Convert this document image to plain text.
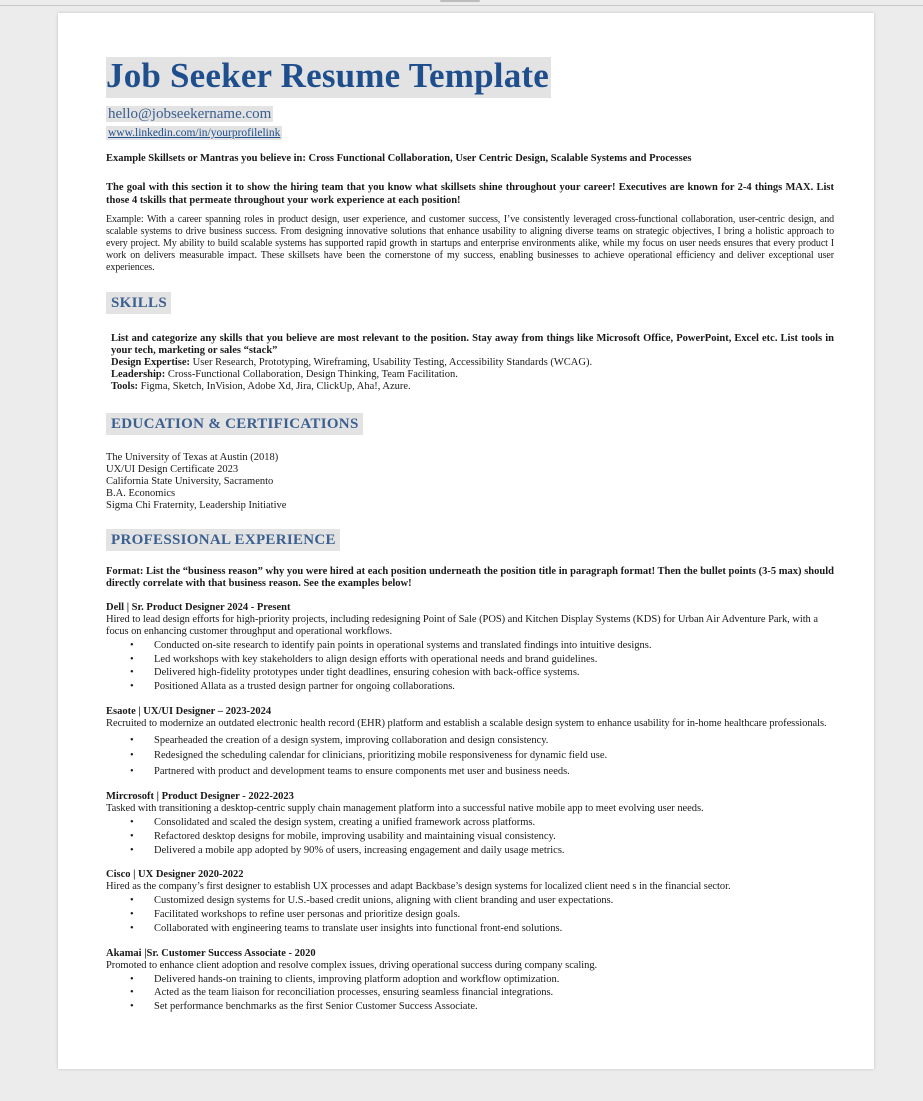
Job Seeker Resume Template
hello@jobseekername.com
www.linkedin.com/in/yourprofilelink
Example Skillsets or Mantras you believe in: Cross Functional Collaboration, User Centric Design, Scalable Systems and Processes
The goal with this section it to show the hiring team that you know what skillsets shine throughout your career! Executives are known for 2-4 things MAX. List those 4 tskills that permeate throughout your work experience at each position!
Example: With a career spanning roles in product design, user experience, and customer success, I’ve consistently leveraged cross-functional collaboration, user-centric design, and scalable systems to drive business success. From designing innovative solutions that enhance usability to aligning diverse teams on strategic objectives, I bring a holistic approach to every project. My ability to build scalable systems has supported rapid growth in startups and enterprise environments alike, while my focus on user needs ensures that every product I work on delivers measurable impact. These skillsets have been the cornerstone of my success, enabling businesses to achieve operational efficiency and deliver exceptional user experiences.
SKILLS
List and categorize any skills that you believe are most relevant to the position. Stay away from things like Microsoft Office, PowerPoint, Excel etc. List tools in your tech, marketing or sales “stack”
Design Expertise: User Research, Prototyping, Wireframing, Usability Testing, Accessibility Standards (WCAG).
Leadership: Cross-Functional Collaboration, Design Thinking, Team Facilitation.
Tools: Figma, Sketch, InVision, Adobe Xd, Jira, ClickUp, Aha!, Azure.
EDUCATION & CERTIFICATIONS
The University of Texas at Austin (2018)
UX/UI Design Certificate 2023
California State University, Sacramento
B.A. Economics
Sigma Chi Fraternity, Leadership Initiative
PROFESSIONAL EXPERIENCE
Format: List the “business reason” why you were hired at each position underneath the position title in paragraph format! Then the bullet points (3-5 max) should directly correlate with that business reason. See the examples below!
Dell | Sr. Product Designer 2024 - Present
Hired to lead design efforts for high-priority projects, including redesigning Point of Sale (POS) and Kitchen Display Systems (KDS) for Urban Air Adventure Park, with a focus on enhancing customer throughput and operational workflows.
• Conducted on-site research to identify pain points in operational systems and translated findings into intuitive designs.
• Led workshops with key stakeholders to align design efforts with operational needs and brand guidelines.
• Delivered high-fidelity prototypes under tight deadlines, ensuring cohesion with back-office systems.
• Positioned Allata as a trusted design partner for ongoing collaborations.
Esaote | UX/UI Designer – 2023-2024
Recruited to modernize an outdated electronic health record (EHR) platform and establish a scalable design system to enhance usability for in-home healthcare professionals.
• Spearheaded the creation of a design system, improving collaboration and design consistency.
• Redesigned the scheduling calendar for clinicians, prioritizing mobile responsiveness for dynamic field use.
• Partnered with product and development teams to ensure components met user and business needs.
Mircrosoft | Product Designer - 2022-2023
Tasked with transitioning a desktop-centric supply chain management platform into a successful native mobile app to meet evolving user needs.
• Consolidated and scaled the design system, creating a unified framework across platforms.
• Refactored desktop designs for mobile, improving usability and maintaining visual consistency.
• Delivered a mobile app adopted by 90% of users, increasing engagement and daily usage metrics.
Cisco | UX Designer 2020-2022
Hired as the company’s first designer to establish UX processes and adapt Backbase’s design systems for localized client need s in the financial sector.
• Customized design systems for U.S.-based credit unions, aligning with client branding and user expectations.
• Facilitated workshops to refine user personas and prioritize design goals.
• Collaborated with engineering teams to translate user insights into functional front-end solutions.
Akamai |Sr. Customer Success Associate - 2020
Promoted to enhance client adoption and resolve complex issues, driving operational success during company scaling.
• Delivered hands-on training to clients, improving platform adoption and workflow optimization.
• Acted as the team liaison for reconciliation processes, ensuring seamless financial integrations.
• Set performance benchmarks as the first Senior Customer Success Associate.
